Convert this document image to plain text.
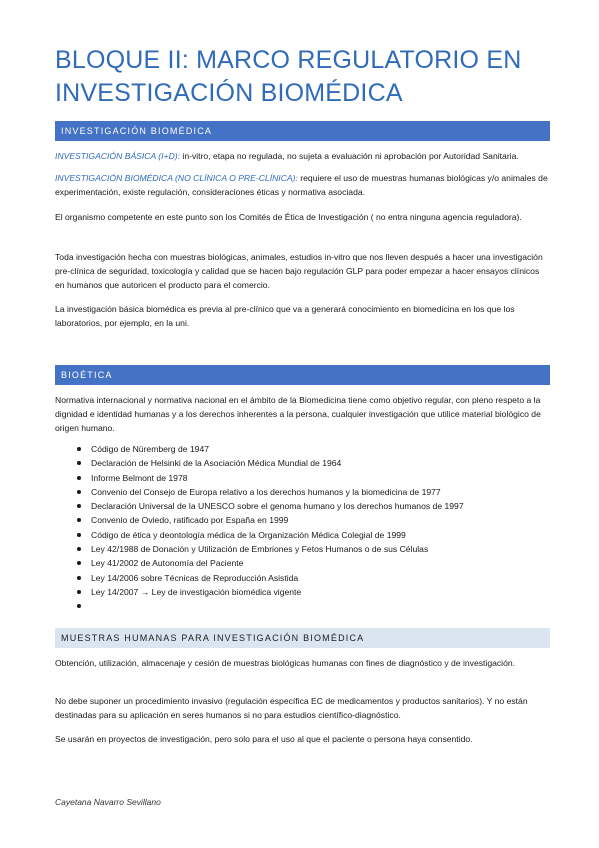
BLOQUE II: MARCO REGULATORIO EN INVESTIGACIÓN BIOMÉDICA
INVESTIGACIÓN BIOMÉDICA

INVESTIGACIÓN BÁSICA (I+D): in-vitro, etapa no regulada, no sujeta a evaluación ni aprobación por Autoridad Sanitaria.

INVESTIGACIÓN BIOMÉDICA (NO CLÍNICA O PRE-CLÍNICA): requiere el uso de muestras humanas biológicas y/o animales de experimentación, existe regulación, consideraciones éticas y normativa asociada.

El organismo competente en este punto son los Comités de Ética de Investigación ( no entra ninguna agencia reguladora).

Toda investigación hecha con muestras biológicas, animales, estudios in-vitro que nos lleven después a hacer una investigación pre-clínica de seguridad, toxicología y calidad que se hacen bajo regulación GLP para poder empezar a hacer ensayos clínicos en humanos que autoricen el producto para el comercio.

La investigación básica biomédica es previa al pre-clínico que va a generará conocimiento en biomedicina en los que los laboratorios, por ejemplo, en la uni.

BIOÉTICA

Normativa internacional y normativa nacional en el ámbito de la Biomedicina tiene como objetivo regular, con pleno respeto a la dignidad e identidad humanas y a los derechos inherentes a la persona, cualquier investigación que utilice material biológico de origen humano.

Código de Nüremberg de 1947
Declaración de Helsinki de la Asociación Médica Mundial de 1964
Informe Belmont de 1978
Convenio del Consejo de Europa relativo a los derechos humanos y la biomedicina de 1977
Declaración Universal de la UNESCO sobre el genoma humano y los derechos humanos de 1997
Convenio de Oviedo, ratificado por España en 1999
Código de ética y deontología médica de la Organización Médica Colegial de 1999
Ley 42/1988 de Donación y Utilización de Embriones y Fetos Humanos o de sus Células
Ley 41/2002 de Autonomía del Paciente
Ley 14/2006 sobre Técnicas de Reproducción Asistida
Ley 14/2007 → Ley de investigación biomédica vigente
MUESTRAS HUMANAS PARA INVESTIGACIÓN BIOMÉDICA

Obtención, utilización, almacenaje y cesión de muestras biológicas humanas con fines de diagnóstico y de investigación.

No debe suponer un procedimiento invasivo (regulación específica EC de medicamentos y productos sanitarios). Y no están destinadas para su aplicación en seres humanos si no para estudios científico-diagnóstico.

Se usarán en proyectos de investigación, pero solo para el uso al que el paciente o persona haya consentido.

Cayetana Navarro Sevillano
